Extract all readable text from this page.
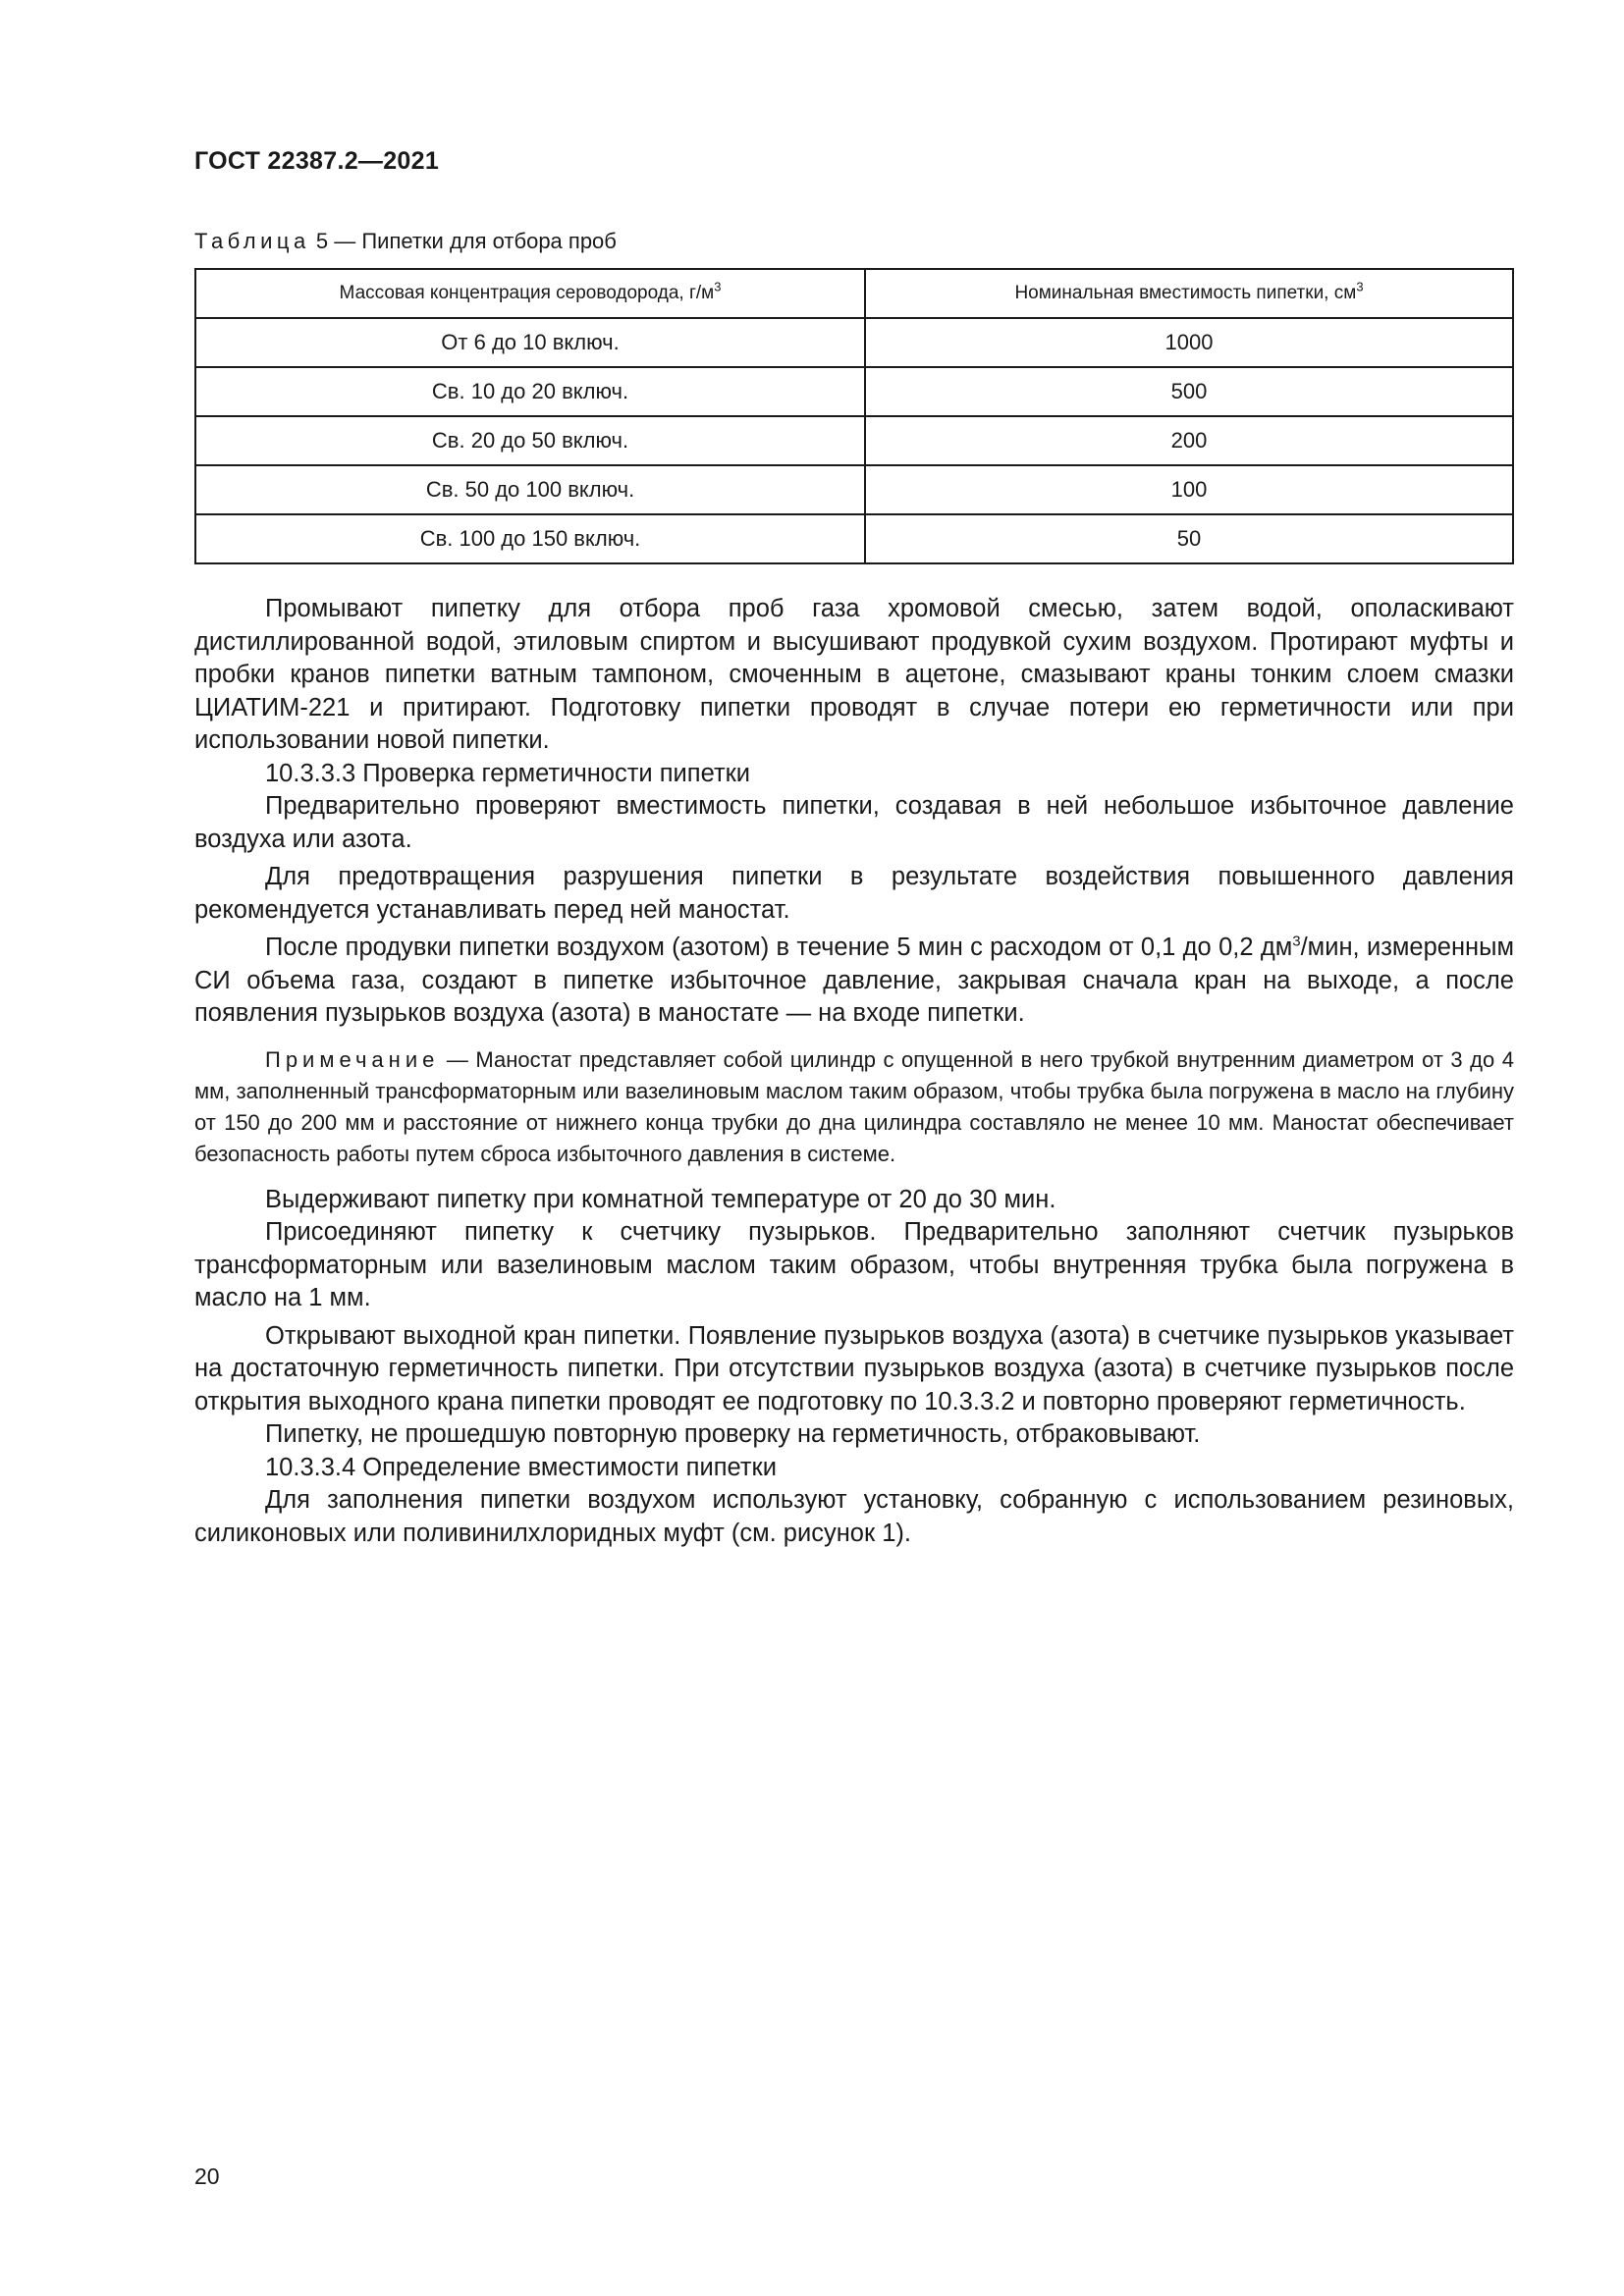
ГОСТ 22387.2—2021
Таблица 5 — Пипетки для отбора проб
Массовая концентрация сероводорода, $г/м^3$	Номинальная вместимость пипетки, $см^3$
От 6 до 10 включ.	1000
Св. 10 до 20 включ.	500
Св. 20 до 50 включ.	200
Св. 50 до 100 включ.	100
Св. 100 до 150 включ.	50

Промывают пипетку для отбора проб газа хромовой смесью, затем водой, ополаскивают дистиллированной водой, этиловым спиртом и высушивают продувкой сухим воздухом. Протирают муфты и пробки кранов пипетки ватным тампоном, смоченным в ацетоне, смазывают краны тонким слоем смазки ЦИАТИМ-221 и притирают. Подготовку пипетки проводят в случае потери ею герметичности или при использовании новой пипетки.

10.3.3.3 Проверка герметичности пипетки

Предварительно проверяют вместимость пипетки, создавая в ней небольшое избыточное давление воздуха или азота.

Для предотвращения разрушения пипетки в результате воздействия повышенного давления рекомендуется устанавливать перед ней маностат.

После продувки пипетки воздухом (азотом) в течение 5 мин с расходом от 0,1 до 0,2 $дм^3$/мин, измеренным СИ объема газа, создают в пипетке избыточное давление, закрывая сначала кран на выходе, а после появления пузырьков воздуха (азота) в маностате — на входе пипетки.

Примечание — Маностат представляет собой цилиндр с опущенной в него трубкой внутренним диаметром от 3 до 4 мм, заполненный трансформаторным или вазелиновым маслом таким образом, чтобы трубка была погружена в масло на глубину от 150 до 200 мм и расстояние от нижнего конца трубки до дна цилиндра составляло не менее 10 мм. Маностат обеспечивает безопасность работы путем сброса избыточного давления в системе.

Выдерживают пипетку при комнатной температуре от 20 до 30 мин.

Присоединяют пипетку к счетчику пузырьков. Предварительно заполняют счетчик пузырьков трансформаторным или вазелиновым маслом таким образом, чтобы внутренняя трубка была погружена в масло на 1 мм.

Открывают выходной кран пипетки. Появление пузырьков воздуха (азота) в счетчике пузырьков указывает на достаточную герметичность пипетки. При отсутствии пузырьков воздуха (азота) в счетчике пузырьков после открытия выходного крана пипетки проводят ее подготовку по 10.3.3.2 и повторно проверяют герметичность.

Пипетку, не прошедшую повторную проверку на герметичность, отбраковывают.

10.3.3.4 Определение вместимости пипетки

Для заполнения пипетки воздухом используют установку, собранную с использованием резиновых, силиконовых или поливинилхлоридных муфт (см. рисунок 1).

20
